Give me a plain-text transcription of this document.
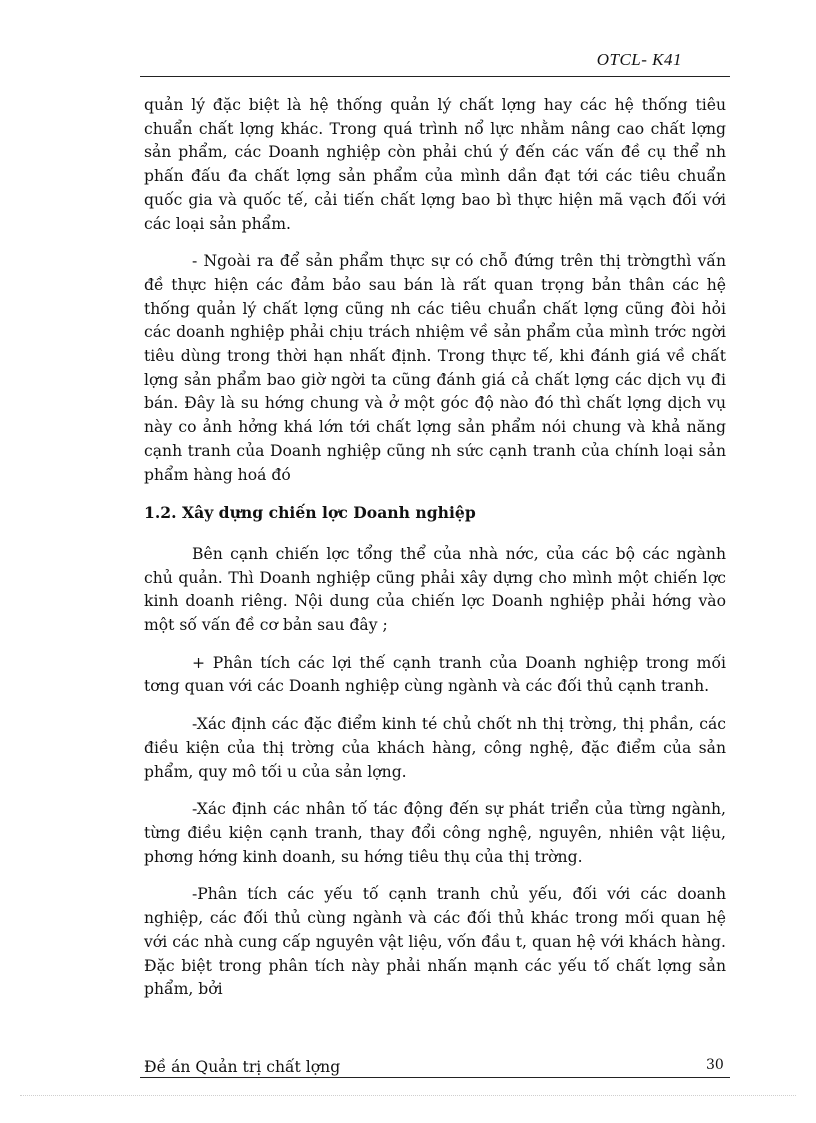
OTCL- K41

quản lý đặc biệt là hệ thống quản lý chất lợng hay các hệ thống tiêu chuẩn chất lợng khác. Trong quá trình nổ lực nhằm nâng cao chất lợng sản phẩm, các Doanh nghiệp còn phải chú ý đến các vấn đề cụ thể nh phấn đấu đa chất lợng sản phẩm của mình dần đạt tới các tiêu chuẩn quốc gia và quốc tế, cải tiến chất lợng bao bì thực hiện mã vạch đối với các loại sản phẩm.

- Ngoài ra để sản phẩm thực sự có chỗ đứng trên thị trờngthì vấn đề thực hiện các đảm bảo sau bán là rất quan trọng bản thân các hệ thống quản lý chất lợng cũng nh các tiêu chuẩn chất lợng cũng đòi hỏi các doanh nghiệp phải chịu trách nhiệm về sản phẩm của mình trớc ngời tiêu dùng trong thời hạn nhất định. Trong thực tế, khi đánh giá về chất lợng sản phẩm bao giờ ngời ta cũng đánh giá cả chất lợng các dịch vụ đi bán. Đây là su hớng chung và ở một góc độ nào đó thì chất lợng dịch vụ này co ảnh hởng khá lớn tới chất lợng sản phẩm nói chung và khả năng cạnh tranh của Doanh nghiệp cũng nh sức cạnh tranh của chính loại sản phẩm hàng hoá đó

1.2. Xây dựng chiến lợc Doanh nghiệp

Bên cạnh chiến lợc tổng thể của nhà nớc, của các bộ các ngành chủ quản. Thì Doanh nghiệp cũng phải xây dựng cho mình một chiến lợc kinh doanh riêng. Nội dung của chiến lợc Doanh nghiệp phải hớng vào một số vấn đề cơ bản sau đây ;

+ Phân tích các lợi thế cạnh tranh của Doanh nghiệp trong mối tơng quan với các Doanh nghiệp cùng ngành và các đối thủ cạnh tranh.

-Xác định các đặc điểm kinh té chủ chốt nh thị trờng, thị phần, các điều kiện của thị trờng của khách hàng, công nghệ, đặc điểm của sản phẩm, quy mô tối u của sản lợng.

-Xác định các nhân tố tác động đến sự phát triển của từng ngành, từng điều kiện cạnh tranh, thay đổi công nghệ, nguyên, nhiên vật liệu, phơng hớng kinh doanh, su hớng tiêu thụ của thị trờng.

-Phân tích các yếu tố cạnh tranh chủ yếu, đối với các doanh nghiệp, các đối thủ cùng ngành và các đối thủ khác trong mối quan hệ với các nhà cung cấp nguyên vật liệu, vốn đầu t, quan hệ với khách hàng. Đặc biệt trong phân tích này phải nhấn mạnh các yếu tố chất lợng sản phẩm, bởi

Đề án Quản trị chất lợng	30
